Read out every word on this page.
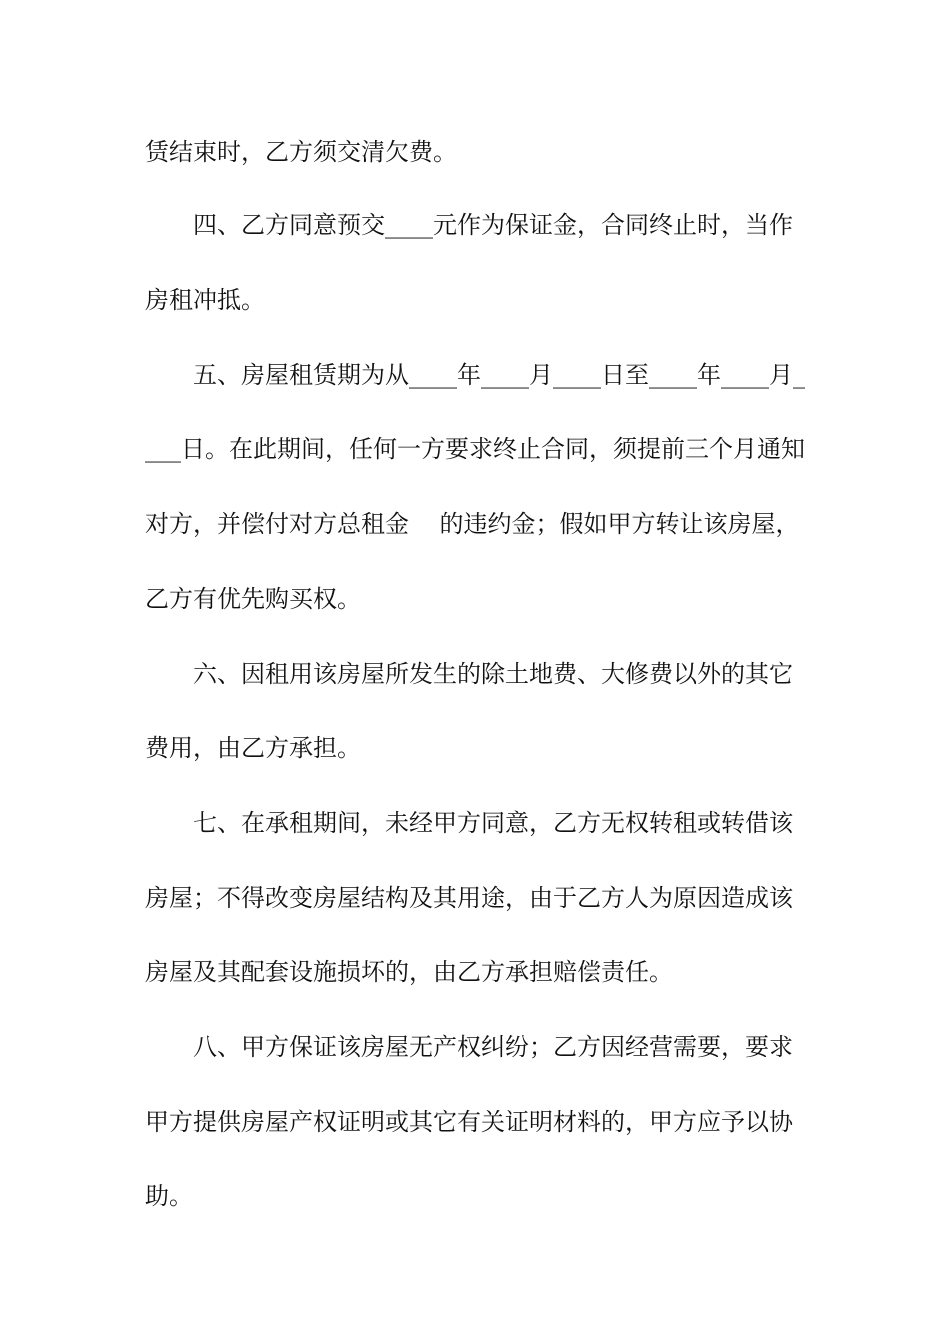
赁结束时，乙方须交清欠费。
四、乙方同意预交____元作为保证金，合同终止时，当作
房租冲抵。
五、房屋租赁期为从____年____月____日至____年____月_
___日。在此期间，任何一方要求终止合同，须提前三个月通知
对方，并偿付对方总租金    的违约金；假如甲方转让该房屋，
乙方有优先购买权。
六、因租用该房屋所发生的除土地费、大修费以外的其它
费用，由乙方承担。
七、在承租期间，未经甲方同意，乙方无权转租或转借该
房屋；不得改变房屋结构及其用途，由于乙方人为原因造成该
房屋及其配套设施损坏的，由乙方承担赔偿责任。
八、甲方保证该房屋无产权纠纷；乙方因经营需要，要求
甲方提供房屋产权证明或其它有关证明材料的，甲方应予以协
助。
